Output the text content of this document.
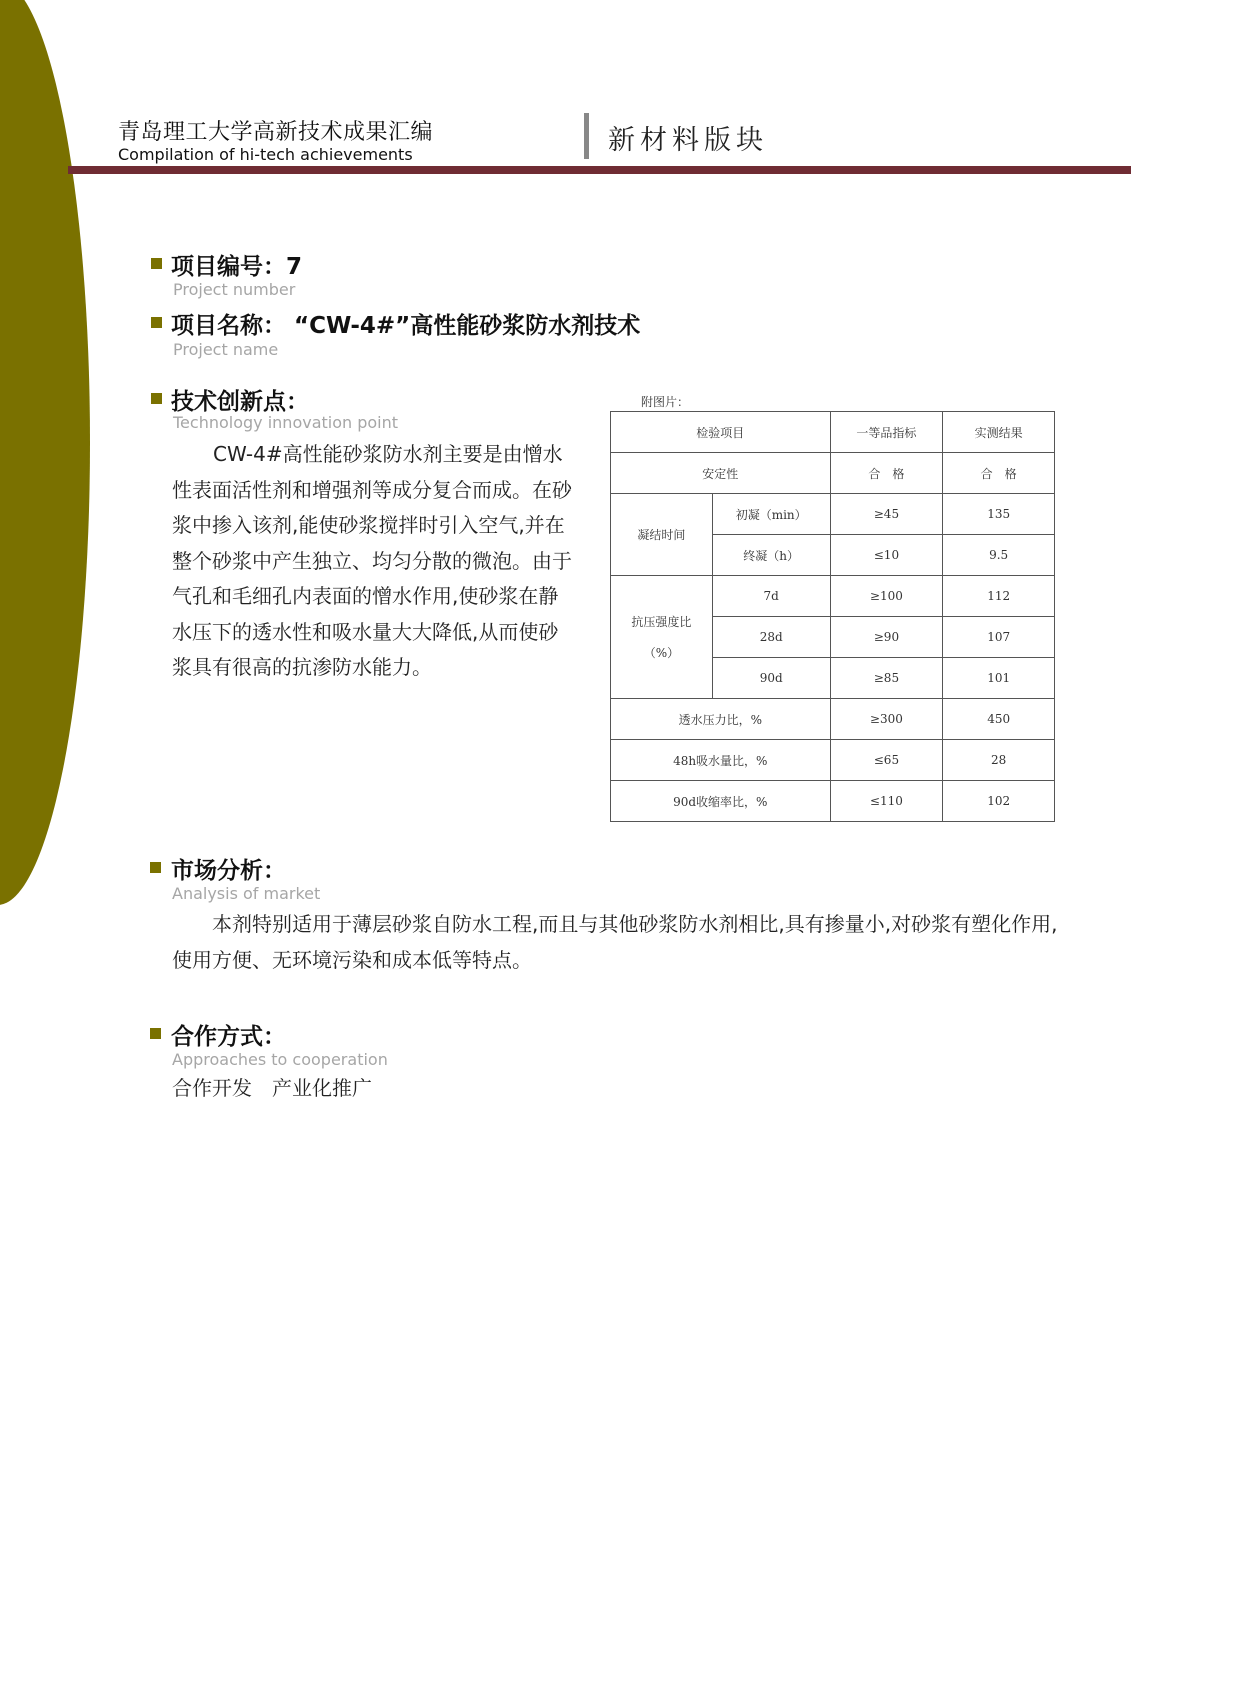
青岛理工大学高新技术成果汇编
Compilation of hi-tech achievements	新材料版块
项目编号：7
Project number
项目名称： “CW-4#”高性能砂浆防水剂技术
Project name
技术创新点：
Technology innovation point
CW-4#高性能砂浆防水剂主要是由憎水性表面活性剂和增强剂等成分复合而成。在砂浆中掺入该剂,能使砂浆搅拌时引入空气,并在整个砂浆中产生独立、均匀分散的微泡。由于气孔和毛细孔内表面的憎水作用,使砂浆在静水压下的透水性和吸水量大大降低,从而使砂浆具有很高的抗渗防水能力。
附图片：
检验项目		一等品指标	实测结果
安定性		合　格	合　格
凝结时间	初凝（min）	≥45	135
	终凝（h）	≤10	9.5

抗压强度比
（%）	7d	≥100	112
	28d	≥90	107
	90d	≥85	101
透水压力比，%		≥300	450
48h吸水量比，%		≤65	28
90d收缩率比，%		≤110	102
市场分析：
Analysis of market
本剂特别适用于薄层砂浆自防水工程,而且与其他砂浆防水剂相比,具有掺量小,对砂浆有塑化作用,使用方便、无环境污染和成本低等特点。
合作方式：
Approaches to cooperation
合作开发　产业化推广
